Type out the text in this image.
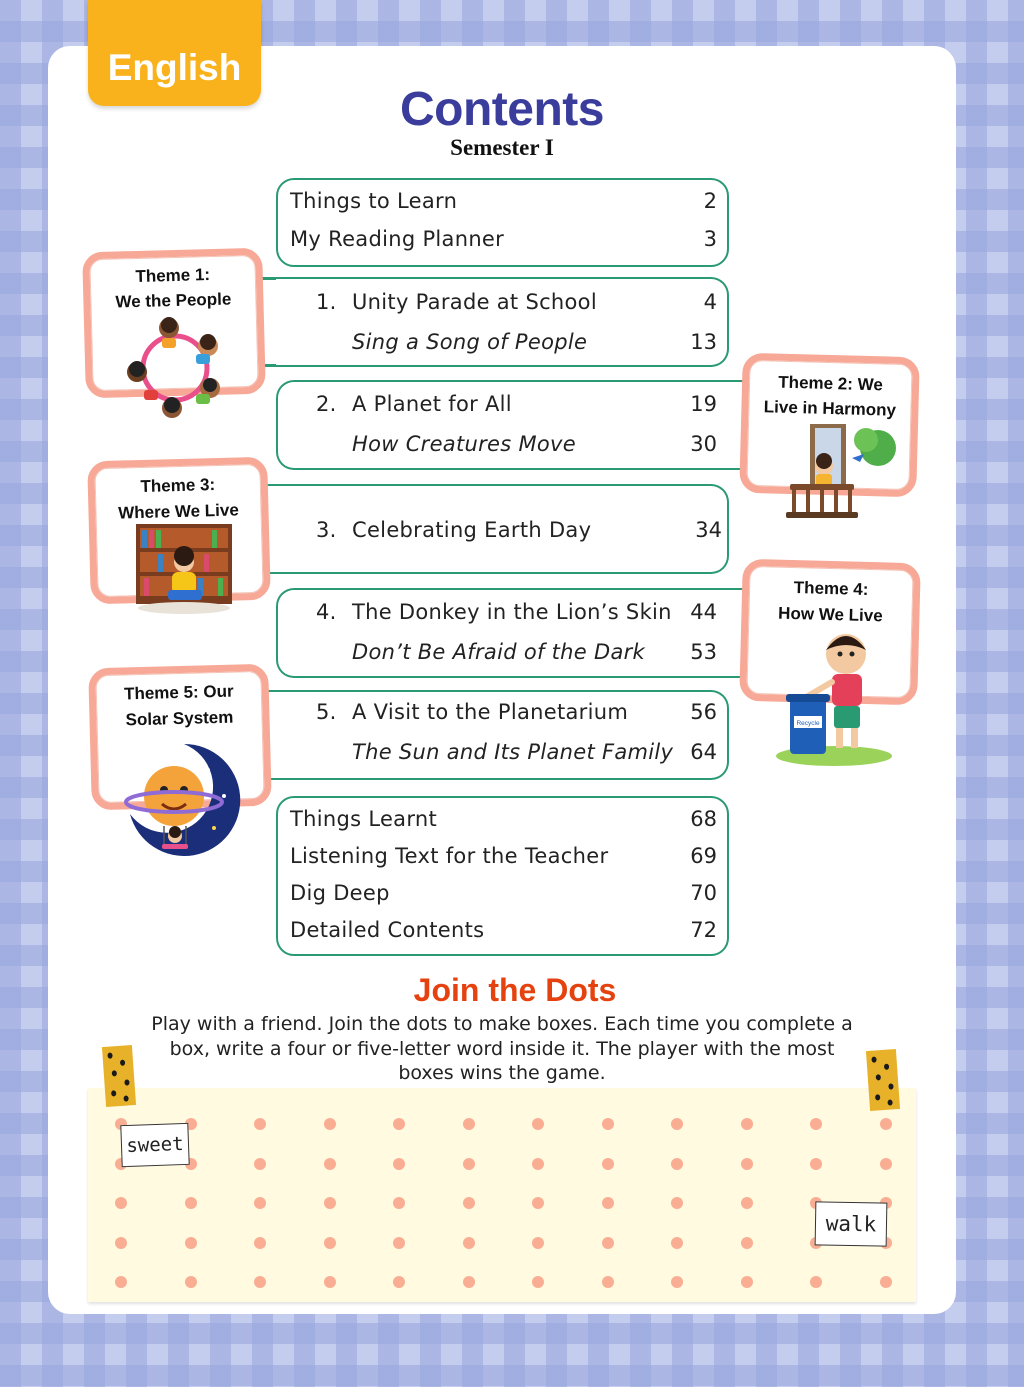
English
Contents
Semester I
Things to Learn	2
My Reading Planner	3
1. Unity Parade at School	4
Sing a Song of People	13
2. A Planet for All	19
How Creatures Move	30
3. Celebrating Earth Day	34
4. The Donkey in the Lion’s Skin 44
Don’t Be Afraid of the Dark	53
5. A Visit to the Planetarium	56
The Sun and Its Planet Family 64
Things Learnt	68
Listening Text for the Teacher	69
Dig Deep	70
Detailed Contents	72
Theme 1:
We the People
Theme 2: We
Live in Harmony
Theme 3:
Where We Live
Theme 4:
How We Live
Recycle
Theme 5: Our
Solar System
Join the Dots
Play with a friend. Join the dots to make boxes. Each time you complete a box, write a four or five-letter word inside it. The player with the most boxes wins the game.
sweet
walk
